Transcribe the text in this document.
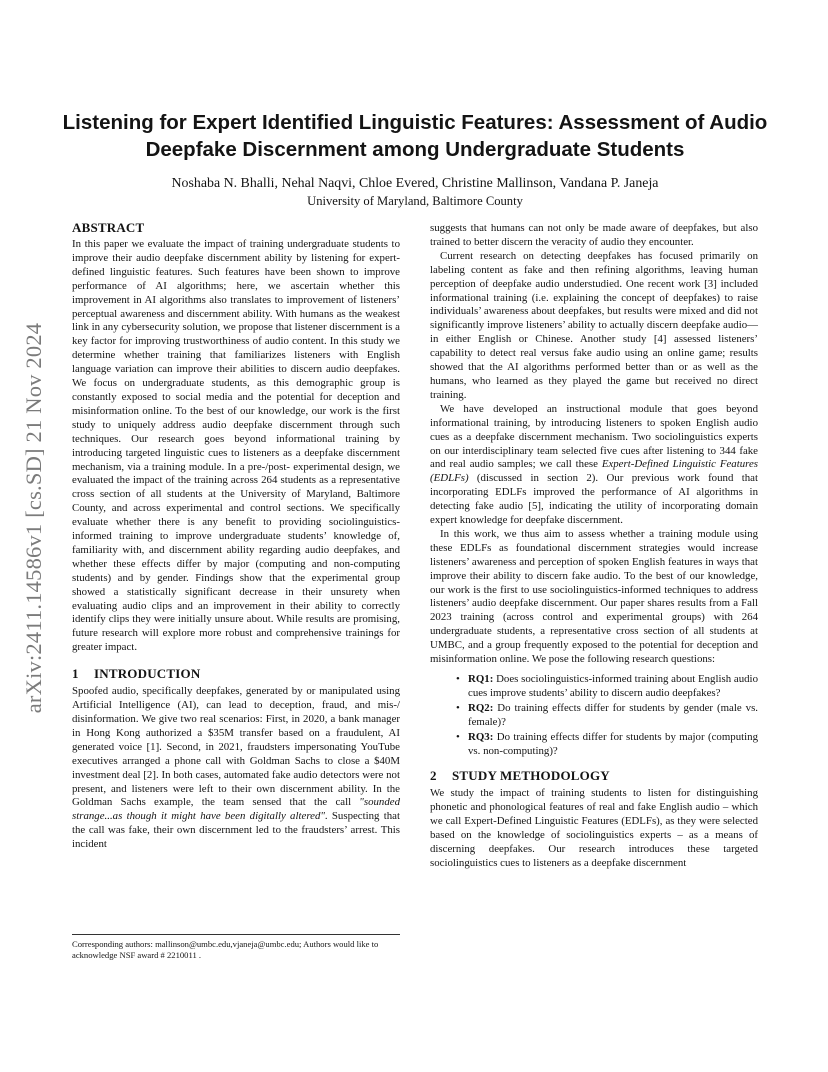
arXiv:2411.14586v1 [cs.SD] 21 Nov 2024
Listening for Expert Identified Linguistic Features: Assessment of Audio Deepfake Discernment among Undergraduate Students
Noshaba N. Bhalli, Nehal Naqvi, Chloe Evered, Christine Mallinson, Vandana P. Janeja
University of Maryland, Baltimore County
ABSTRACT

In this paper we evaluate the impact of training undergraduate students to improve their audio deepfake discernment ability by listening for expert-defined linguistic features. Such features have been shown to improve performance of AI algorithms; here, we ascertain whether this improvement in AI algorithms also translates to improvement of listeners’ perceptual awareness and discernment ability. With humans as the weakest link in any cybersecurity solution, we propose that listener discernment is a key factor for improving trustworthiness of audio content. In this study we determine whether training that familiarizes listeners with English language variation can improve their abilities to discern audio deepfakes. We focus on undergraduate students, as this demographic group is constantly exposed to social media and the potential for deception and misinformation online. To the best of our knowledge, our work is the first study to uniquely address audio deepfake discernment through such techniques. Our research goes beyond informational training by introducing targeted linguistic cues to listeners as a deepfake discernment mechanism, via a training module. In a pre-/post- experimental design, we evaluated the impact of the training across 264 students as a representative cross section of all students at the University of Maryland, Baltimore County, and across experimental and control sections. We specifically evaluate whether there is any benefit to providing sociolinguistics-informed training to improve undergraduate students’ knowledge of, familiarity with, and discernment ability regarding audio deepfakes, and whether these effects differ by major (computing and non-computing students) and by gender. Findings show that the experimental group showed a statistically significant decrease in their unsurety when evaluating audio clips and an improvement in their ability to correctly identify clips they were initially unsure about. While results are promising, future research will explore more robust and comprehensive trainings for greater impact.

1 INTRODUCTION

Spoofed audio, specifically deepfakes, generated by or manipulated using Artificial Intelligence (AI), can lead to deception, fraud, and mis-/ disinformation. We give two real scenarios: First, in 2020, a bank manager in Hong Kong authorized a $35M transfer based on a fraudulent, AI generated voice [1]. Second, in 2021, fraudsters impersonating YouTube executives arranged a phone call with Goldman Sachs to close a $40M investment deal [2]. In both cases, automated fake audio detectors were not present, and listeners were left to their own discernment ability. In the Goldman Sachs example, the team sensed that the call "sounded strange...as though it might have been digitally altered". Suspecting that the call was fake, their own discernment led to the fraudsters’ arrest. This incident

suggests that humans can not only be made aware of deepfakes, but also trained to better discern the veracity of audio they encounter.

Current research on detecting deepfakes has focused primarily on labeling content as fake and then refining algorithms, leaving human perception of deepfake audio understudied. One recent work [3] included informational training (i.e. explaining the concept of deepfakes) to raise individuals’ awareness about deepfakes, but results were mixed and did not significantly improve listeners’ ability to actually discern deepfake audio—in either English or Chinese. Another study [4] assessed listeners’ capability to detect real versus fake audio using an online game; results showed that the AI algorithms performed better than or as well as the humans, who learned as they played the game but received no direct training.

We have developed an instructional module that goes beyond informational training, by introducing listeners to spoken English audio cues as a deepfake discernment mechanism. Two sociolinguistics experts on our interdisciplinary team selected five cues after listening to 344 fake and real audio samples; we call these Expert-Defined Linguistic Features (EDLFs) (discussed in section 2). Our previous work found that incorporating EDLFs improved the performance of AI algorithms in detecting fake audio [5], indicating the utility of incorporating domain expert knowledge for deepfake discernment.

In this work, we thus aim to assess whether a training module using these EDLFs as foundational discernment strategies would increase listeners’ awareness and perception of spoken English features in ways that improve their ability to discern fake audio. To the best of our knowledge, our work is the first to use sociolinguistics-informed techniques to address listeners’ audio deepfake discernment. Our paper shares results from a Fall 2023 training (across control and experimental groups) with 264 undergraduate students, a representative cross section of all students at UMBC, and a group frequently exposed to the potential for deception and misinformation online. We pose the following research questions:

• RQ1: Does sociolinguistics-informed training about English audio cues improve students’ ability to discern audio deepfakes?
• RQ2: Do training effects differ for students by gender (male vs. female)?
• RQ3: Do training effects differ for students by major (computing vs. non-computing)?
2 STUDY METHODOLOGY

We study the impact of training students to listen for distinguishing phonetic and phonological features of real and fake English audio – which we call Expert-Defined Linguistic Features (EDLFs), as they were selected based on the knowledge of sociolinguistics experts – as a means of discerning deepfakes. Our research introduces these targeted sociolinguistics cues to listeners as a deepfake discernment

Corresponding authors: mallinson@umbc.edu,vjaneja@umbc.edu; Authors would like to acknowledge NSF award # 2210011 .
